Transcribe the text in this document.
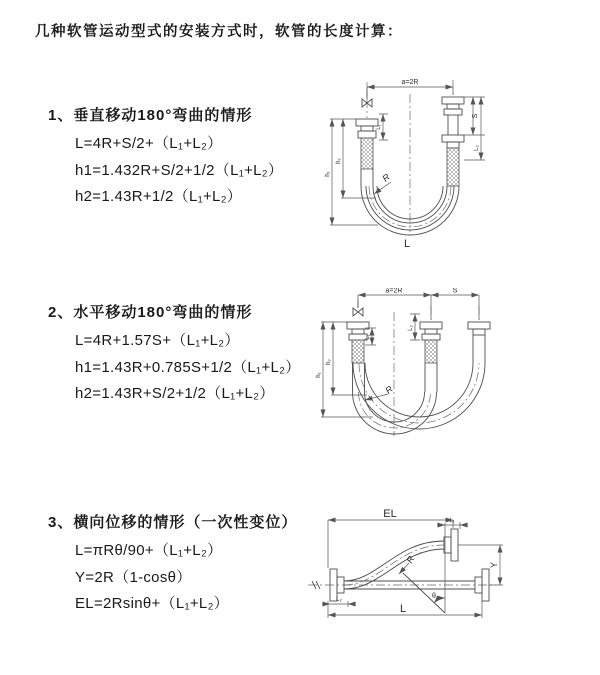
几种软管运动型式的安装方式时，软管的长度计算：
1、垂直移动180°弯曲的情形
L=4R+S/2+（L₁+L₂）
h1=1.432R+S/2+1/2（L₁+L₂）
h2=1.43R+1/2（L₁+L₂）
2、水平移动180°弯曲的情形
L=4R+1.57S+（L₁+L₂）
h1=1.43R+0.785S+1/2（L₁+L₂）
h2=1.43R+S/2+1/2（L₁+L₂）
3、横向位移的情形（一次性变位）
L=πRθ/90+（L₁+L₂）
Y=2R（1-cosθ）
EL=2Rsinθ+（L₁+L₂）
a=2R
L₁
S
L₂
h₁
h₂
R
L
a=2R	S
L₁
L₂
h₁
h₂
R
EL
L₁
Y
R
θ
L
L₂
